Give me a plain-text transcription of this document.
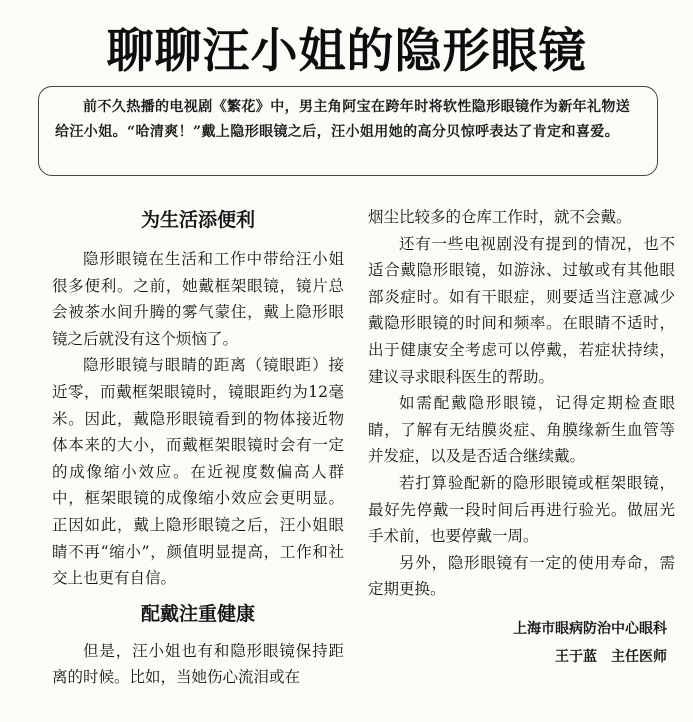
聊聊汪小姐的隐形眼镜

前不久热播的电视剧《繁花》中，男主角阿宝在跨年时将软性隐形眼镜作为新年礼物送给汪小姐。“哈清爽！”戴上隐形眼镜之后，汪小姐用她的高分贝惊呼表达了肯定和喜爱。

为生活添便利

隐形眼镜在生活和工作中带给汪小姐很多便利。之前，她戴框架眼镜，镜片总会被茶水间升腾的雾气蒙住，戴上隐形眼镜之后就没有这个烦恼了。

隐形眼镜与眼睛的距离（镜眼距）接近零，而戴框架眼镜时，镜眼距约为12毫米。因此，戴隐形眼镜看到的物体接近物体本来的大小，而戴框架眼镜时会有一定的成像缩小效应。在近视度数偏高人群中，框架眼镜的成像缩小效应会更明显。正因如此，戴上隐形眼镜之后，汪小姐眼睛不再“缩小”，颜值明显提高，工作和社交上也更有自信。

配戴注重健康

但是，汪小姐也有和隐形眼镜保持距离的时候。比如，当她伤心流泪或在

烟尘比较多的仓库工作时，就不会戴。

还有一些电视剧没有提到的情况，也不适合戴隐形眼镜，如游泳、过敏或有其他眼部炎症时。如有干眼症，则要适当注意减少戴隐形眼镜的时间和频率。在眼睛不适时，出于健康安全考虑可以停戴，若症状持续，建议寻求眼科医生的帮助。

如需配戴隐形眼镜，记得定期检查眼睛，了解有无结膜炎症、角膜缘新生血管等并发症，以及是否适合继续戴。

若打算验配新的隐形眼镜或框架眼镜，最好先停戴一段时间后再进行验光。做屈光手术前，也要停戴一周。

另外，隐形眼镜有一定的使用寿命，需定期更换。

上海市眼病防治中心眼科
王于蓝　主任医师
